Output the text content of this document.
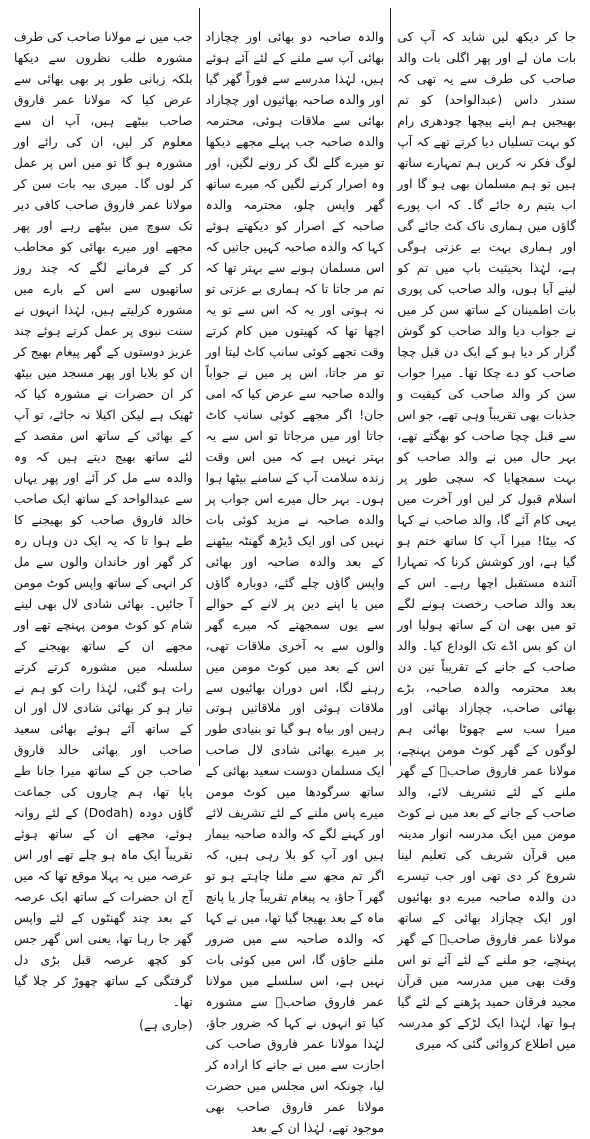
جا کر دیکھ لیں شاید کہ آپ کی بات مان لے اور پھر اگلی بات والد صاحب کی طرف سے یہ تھی کہ سندر داس (عبدالواحد) کو تم بھیجیں ہم اپنے پیچھا چودھری رام کو بہت تسلیاں دیا کرتے تھے کہ آپ لوگ فکر نہ کریں ہم تمہارے ساتھ ہیں تو ہم مسلمان بھی ہو گا اور اب یتیم رہ جائے گا۔ کہ اب پورے گاؤں میں ہماری ناک کٹ جائے گی اور ہماری بہت بے عزتی ہوگی ہے، لہٰذا بحیثیت باپ میں تم کو لینے آیا ہوں، والد صاحب کی پوری بات اطمینان کے ساتھ سن کر میں نے جواب دیا والد صاحب کو گوش گزار کر دیا ہو کے ایک دن قبل چچا صاحب کو دے چکا تھا۔ میرا جواب سن کر والد صاحب کی کیفیت و جذبات بھی تقریباً وہی تھے، جو اس سے قبل چچا صاحب کو بھگتے تھے، بہر حال میں نے والد صاحب کو بہت سمجھایا کہ سچی طور پر اسلام قبول کر لیں اور آخرت میں یہی کام آئے گا، والد صاحب نے کہا کہ بیٹا! میرا آپ کا ساتھ ختم ہو گیا ہے، اور کوشش کرنا کہ تمہارا آئندہ مستقبل اچھا رہے۔ اس کے بعد والد صاحب رخصت ہونے لگے تو میں بھی ان کے ساتھ ہولیا اور ان کو بس اڈے تک الوداع کیا۔ والد صاحب کے جانے کے تقریباً تین دن بعد محترمہ والدہ صاحبہ، بڑے بھائی صاحب، چچازاد بھائی اور میرا سب سے چھوٹا بھائی ہم لوگوں کے گھر کوٹ مومن پہنچے، مولانا عمر فاروق صاحبؒ کے گھر ملنے کے لئے تشریف لائے، والد صاحب کے جانے کے بعد میں نے کوٹ مومن میں ایک مدرسہ انوار مدینہ میں قرآن شریف کی تعلیم لینا شروع کر دی تھی اور جب تیسرے دن والدہ صاحبہ میرے دو بھائیوں اور ایک چچازاد بھائی کے ساتھ مولانا عمر فاروق صاحبؒ کے گھر پہنچے، جو ملنے کے لئے آئے تو اس وقت بھی میں مدرسہ میں قرآن مجید فرقان حمید پڑھنے کے لئے گیا ہوا تھا، لہٰذا ایک لڑکے کو مدرسہ میں اطلاع کروائی گئی کہ میری

والدہ صاحبہ دو بھائی اور چچازاد بھائی آپ سے ملنے کے لئے آئے ہوئے ہیں، لہٰذا مدرسے سے فوراً گھر گیا اور والدہ صاحبہ بھائیوں اور چچازاد بھائی سے ملاقات ہوئی، محترمہ والدہ صاحبہ جب پہلے مجھے دیکھا تو میرے گلے لگ کر رونے لگیں، اور وہ اصرار کرنے لگیں کہ میرے ساتھ گھر واپس چلو، محترمہ والدہ صاحبہ کے اصرار کو دیکھتے ہوئے کہا کہ والدہ صاحبہ کہیں جاتیں کہ اس مسلمان ہونے سے بہتر تھا کہ تم مر جاتا تا کہ ہماری بے عزتی تو نہ ہوتی اور یہ کہ اس سے تو یہ اچھا تھا کہ کھیتوں میں کام کرتے وقت تجھے کوئی سانپ کاٹ لیتا اور تو مر جاتا، اس پر میں نے جواباً والدہ صاحبہ سے عرض کیا کہ امی جان! اگر مجھے کوئی سانپ کاٹ جاتا اور میں مرجاتا تو اس سے یہ بہتر نہیں ہے کہ میں اس وقت زندہ سلامت آپ کے سامنے بیٹھا ہوا ہوں۔ بہر حال میرے اس جواب پر والدہ صاحبہ نے مزید کوئی بات نہیں کی اور ایک ڈیڑھ گھنٹہ بیٹھنے کے بعد والدہ صاحبہ اور بھائی واپس گاؤں چلے گئے، دوبارہ گاؤں میں یا اپنے دین پر لانے کے حوالے سے یوں سمجھتے کہ میرے گھر والوں سے یہ آخری ملاقات تھی، اس کے بعد میں کوٹ مومن میں رہنے لگا، اس دوران بھائیوں سے ملاقات ہوئی اور ملاقاتیں ہوتی رہیں اور بیاہ ہو گیا تو بنیادی طور پر میرے بھائی شادی لال صاحب ایک مسلمان دوست سعید بھائی کے ساتھ سرگودھا میں کوٹ مومن میرے پاس ملنے کے لئے تشریف لائے اور کہنے لگے کہ والدہ صاحبہ بیمار ہیں اور آپ کو بلا رہی ہیں، کہ اگر تم مجھ سے ملنا چاہتے ہو تو گھر آ جاؤ، یہ پیغام تقریباً چار یا پانچ ماہ کے بعد بھیجا گیا تھا، میں نے کہا کہ والدہ صاحبہ سے میں ضرور ملنے جاؤں گا، اس میں کوئی بات نہیں ہے، اس سلسلے میں مولانا عمر فاروق صاحبؒ سے مشورہ کیا تو انہوں نے کہا کہ ضرور جاؤ، لہٰذا مولانا عمر فاروق صاحب کی اجازت سے میں نے جانے کا ارادہ کر لیا، چونکہ اس مجلس میں حضرت مولانا عمر فاروق صاحب بھی موجود تھے، لہٰذا ان کے بعد

جب میں نے مولانا صاحب کی طرف مشورہ طلب نظروں سے دیکھا بلکہ زبانی طور پر بھی بھائی سے عرض کیا کہ مولانا عمر فاروق صاحب بیٹھے ہیں، آپ ان سے معلوم کر لیں، ان کی رائے اور مشورہ ہو گا تو میں اس پر عمل کر لوں گا۔ میری بیہ بات سن کر مولانا عمر فاروق صاحب کافی دیر تک سوچ میں بیٹھے رہے اور پھر مجھے اور میرے بھائی کو مخاطب کر کے فرمانے لگے کہ چند روز ساتھیوں سے اس کے بارے میں مشورہ کرلیتے ہیں، لہٰذا انہوں نے سنت نبوی پر عمل کرتے ہوئے چند عزیز دوستوں کے گھر پیغام بھیج کر ان کو بلایا اور پھر مسجد میں بیٹھ کر ان حضرات نے مشورہ کیا کہ ٹھیک ہے لیکن اکیلا نہ جائے، تو آپ کے بھائی کے ساتھ اس مقصد کے لئے ساتھ بھیج دیتے ہیں کہ وہ والدہ سے مل کر آئے اور پھر یہاں سے عبدالواحد کے ساتھ ایک صاحب خالد فاروق صاحب کو بھیجنے کا طے ہوا تا کہ یہ ایک دن وہاں رہ کر گھر اور خاندان والوں سے مل کر انہی کے ساتھ واپس کوٹ مومن آ جائیں۔ بھائی شادی لال بھی لینے شام کو کوٹ مومن پہنچے تھے اور مجھے ان کے ساتھ بھیجنے کے سلسلہ میں مشورہ کرتے کرتے رات ہو گئی، لہٰذا رات کو ہم نے تیار ہو کر بھائی شادی لال اور ان کے ساتھ آئے ہوئے بھائی سعید صاحب اور بھائی خالد فاروق صاحب جن کے ساتھ میرا جانا طے پایا تھا، ہم چاروں کی جماعت گاؤں دودہ (Dodah) کے لئے روانہ ہوئے، مجھے ان کے ساتھ ہوئے تقریباً ایک ماہ ہو چلے تھے اور اس عرصہ میں یہ پہلا موقع تھا کہ میں آج ان حضرات کے ساتھ ایک عرصہ کے بعد چند گھنٹوں کے لئے واپس گھر جا رہا تھا، یعنی اس گھر جس کو کچھ عرصہ قبل بڑی دل گرفتگی کے ساتھ چھوڑ کر چلا گیا تھا۔

(جاری ہے)
